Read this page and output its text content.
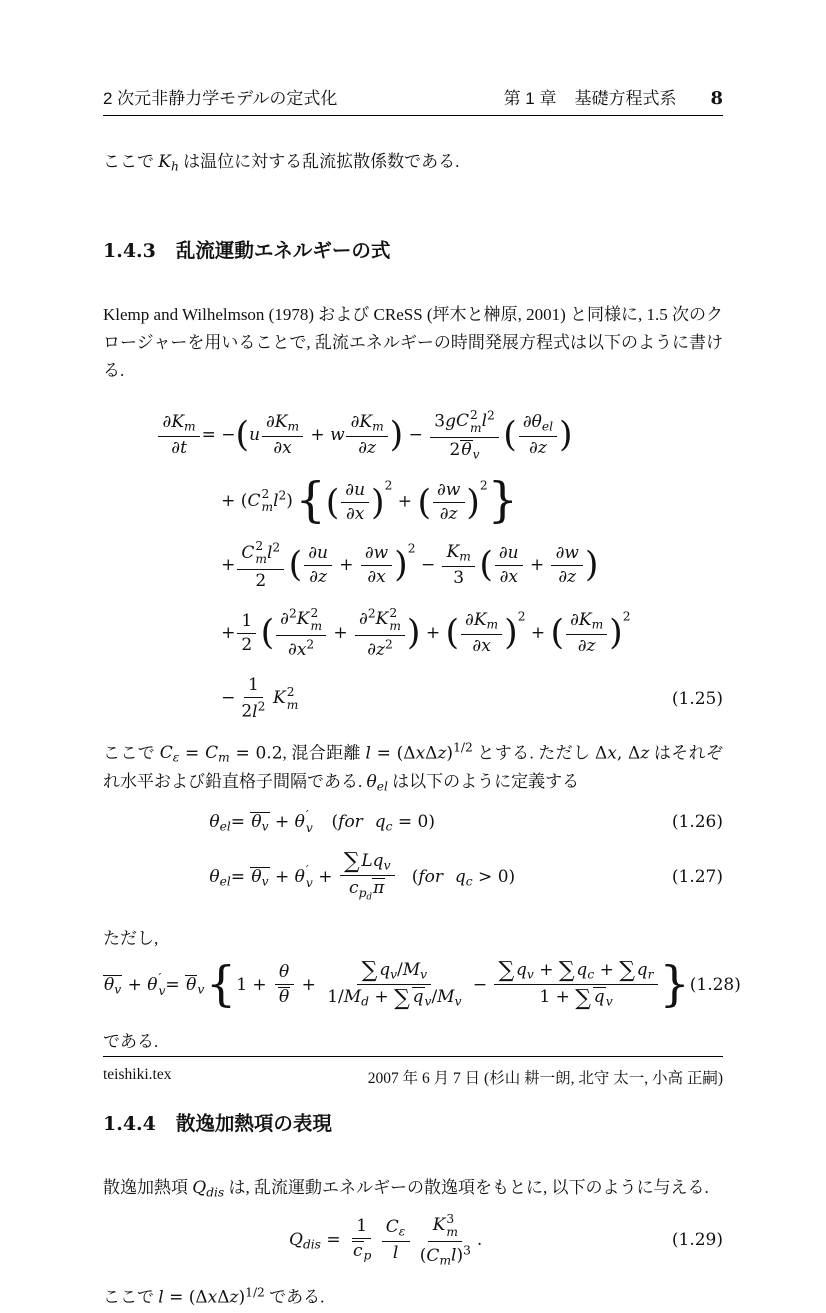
2 次元非静力学モデルの定式化	第 1 章 基礎方程式系 8

ここで $K_h$ は温位に対する乱流拡散係数である.

1.4.3 乱流運動エネルギーの式

Klemp and Wilhelmson (1978) および CReSS (坪木と榊原, 2001) と同様に, 1.5 次のクロージャーを用いることで, 乱流エネルギーの時間発展方程式は以下のように書ける.

$\frac{\partial K_m}{\partial t}$	= − ( u $\frac{\partial K_m}{\partial x} + w \frac{\partial K_m}{\partial z}$ ) − 3gC 2
m $l^2$
$2\theta_v$ ( $\frac{\partial\theta_{el}}{\partial z}$ )

		+ ( C 2
m $l^2$ ) { ( $\frac{\partial u}{\partial x}$ ) $^2$ + ( $\frac{\partial w}{\partial z}$ ) $^2$ }

		+ C 2
m $l^2$
2 ( $\frac{\partial u}{\partial z} + \frac{\partial w}{\partial x}$ ) $^2 - \frac{K_m}{3}$ ( $\frac{\partial u}{\partial x} + \frac{\partial w}{\partial z}$ )

		+ $\frac{1}{2}$ ( ∂$^2$K 2
m
$\partial x^2 + \partial^2K$ 2
m
$\partial z^2$ ) + ( $\frac{\partial K_m}{\partial x}$ ) $^2$ + ( $\frac{\partial K_m}{\partial z}$ ) $^2$	
		− $\frac{1}{2l^2}$ K 2
m	(1.25)

ここで $C_\varepsilon = C_m = 0.2$, 混合距離 $l = (\Delta x\Delta z)^{1/2}$ とする. ただし Δx, Δz はそれぞれ水平および鉛直格子間隔である. $\theta_{el}$ は以下のように定義する

	$\theta_{el}$	= $\theta_v + \theta$ ′
v ( for $q_c = 0$ )	(1.26)
	$\theta_{el}$	= $\theta_v + \theta$ ′
$v + \frac{\sum Lq_v}{c_{p_d}\pi}$ ( for $q_c > 0$ )	(1.27)

ただし,

	$\theta_v + \theta$ ′
v	= $\theta_v$ { $1 + \frac{\theta}{\theta} + \frac{\sum q_v/M_v}{1/M_d + \sum q_v/M_v} - \frac{\sum q_v + \sum q_c + \sum q_r}{1 + \sum q_v}$ }	(1.28)

である.

1.4.4 散逸加熱項の表現

散逸加熱項 $Q_{dis}$ は, 乱流運動エネルギーの散逸項をもとに, 以下のように与える.

		$Q_{dis} = \frac{1}{c_p} \frac{C_\varepsilon}{l}$ K 3
m
$(C_ml)^3$ .	(1.29)

ここで $l = (\Delta x\Delta z)^{1/2}$ である.

teishiki.tex	2007 年 6 月 7 日 (杉山 耕一朗, 北守 太一, 小高 正嗣)
